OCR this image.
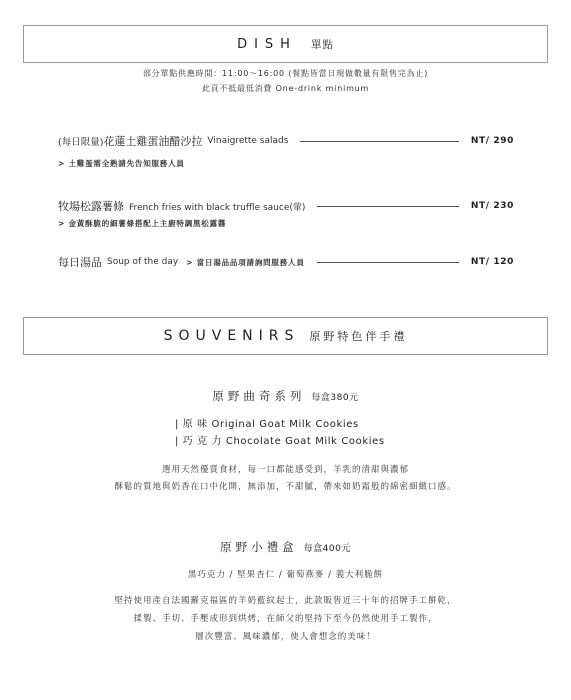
DISH 單點
部分單點供應時間：11:00〜16:00 (餐點皆當日現做數量有限售完為止)
此頁不抵最低消費 One-drink minimum
(每日限量) 花蓮土雞蛋油醋沙拉 Vinaigrette salads	NT/ 290
> 土雞蛋需全熟請先告知服務人員
牧場松露薯條 French fries with black truffle sauce(葷)	NT/ 230
> 金黃酥脆的細薯條搭配上主廚特調黑松露醬
每日湯品 Soup of the day > 當日湯品品項請詢問服務人員	NT/ 120
SOUVENIRS 原野特色伴手禮
原野曲奇系列 每盒380元
| 原 味 Original Goat Milk Cookies
| 巧 克 力 Chocolate Goat Milk Cookies
選用天然優質食材，每一口都能感受到，羊乳的清甜與濃郁
酥鬆的質地與奶香在口中化開，無添加，不甜膩，帶來如奶霜般的綿密細緻口感。
原野小禮盒 每盒400元
黑巧克力 / 堅果杏仁 / 葡萄燕麥 / 義大利脆餅
堅持使用產自法國羅克福區的羊奶藍紋起士，此款販售近三十年的招牌手工餅乾，
揉製、手切、手壓成形到烘烤，在師父的堅持下至今仍然使用手工製作，
層次豐富、風味濃郁，使人會想念的美味！
